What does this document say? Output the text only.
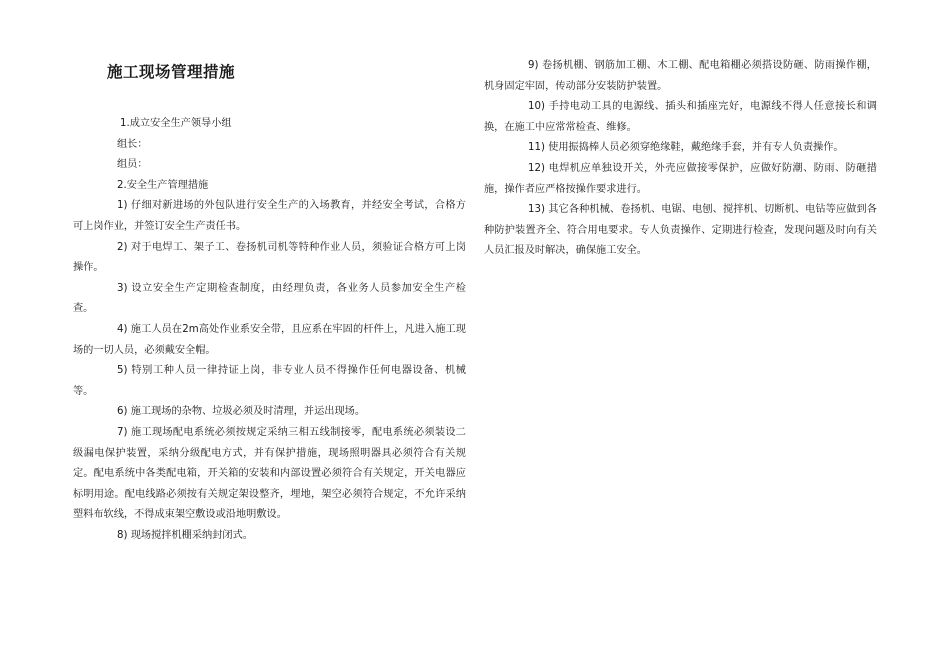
施工现场管理措施
1.成立安全生产领导小组
组长：
组员：
2.安全生产管理措施

1) 仔细对新进场的外包队进行安全生产的入场教育，并经安全考试，合格方可上岗作业，并签订安全生产责任书。

2) 对于电焊工、架子工、卷扬机司机等特种作业人员，须验证合格方可上岗操作。

3) 设立安全生产定期检查制度，由经理负责，各业务人员参加安全生产检查。

4) 施工人员在2m高处作业系安全带，且应系在牢固的杆件上，凡进入施工现场的一切人员，必须戴安全帽。

5) 特别工种人员一律持证上岗，非专业人员不得操作任何电器设备、机械等。

6) 施工现场的杂物、垃圾必须及时清理，并运出现场。

7) 施工现场配电系统必须按规定采纳三相五线制接零，配电系统必须装设二级漏电保护装置，采纳分级配电方式，并有保护措施，现场照明器具必须符合有关规定。配电系统中各类配电箱，开关箱的安装和内部设置必须符合有关规定，开关电器应标明用途。配电线路必须按有关规定架设整齐，埋地，架空必须符合规定，不允许采纳塑料布软线，不得成束架空敷设或沿地明敷设。

8) 现场搅拌机棚采纳封闭式。

9) 卷扬机棚、钢筋加工棚、木工棚、配电箱棚必须搭设防砸、防雨操作棚，机身固定牢固，传动部分安装防护装置。

10) 手持电动工具的电源线、插头和插座完好，电源线不得人任意接长和调换，在施工中应常常检查、维修。

11) 使用振捣棒人员必须穿绝缘鞋，戴绝缘手套，并有专人负责操作。

12) 电焊机应单独设开关，外壳应做接零保护，应做好防潮、防雨、防砸措施，操作者应严格按操作要求进行。

13) 其它各种机械、卷扬机、电锯、电刨、搅拌机、切断机、电钻等应做到各种防护装置齐全、符合用电要求。专人负责操作、定期进行检查，发现问题及时向有关人员汇报及时解决，确保施工安全。
